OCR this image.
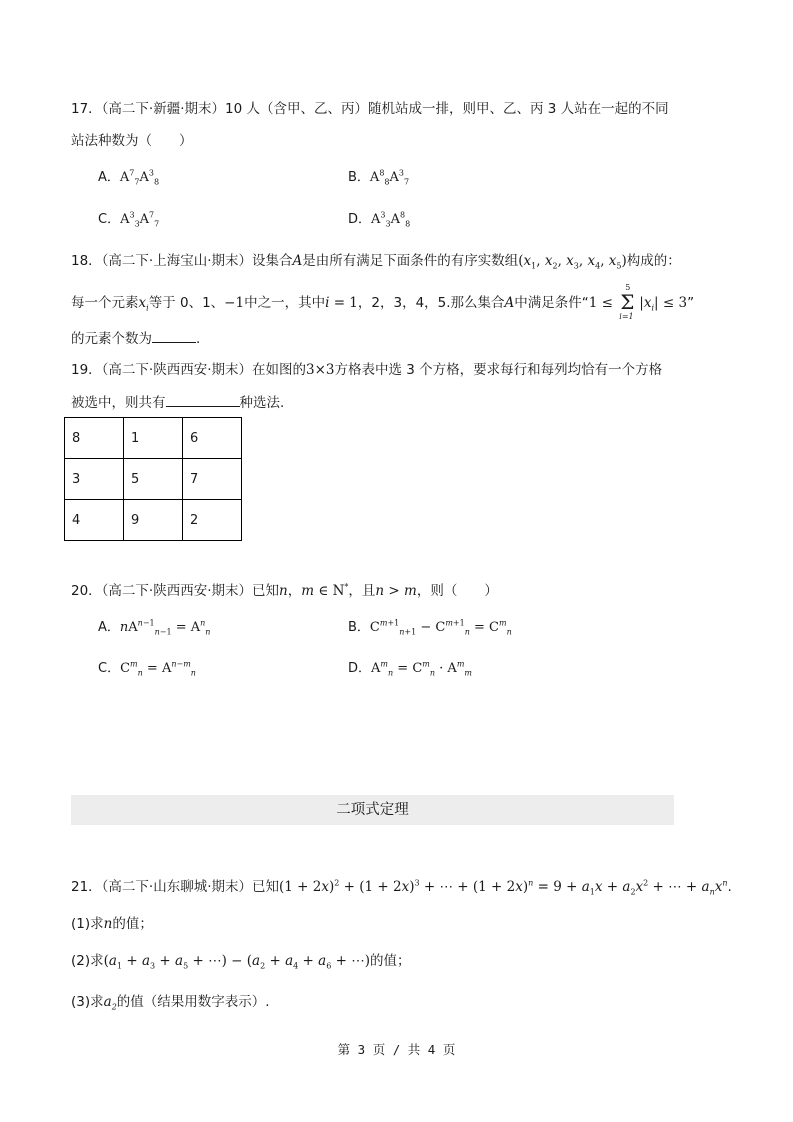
17．（高二下·新疆·期末）10 人（含甲、乙、丙）随机站成一排，则甲、乙、丙 3 人站在一起的不同
站法种数为（　　）
A．$A^7_7A^3_8$	B．$A^8_8A^3_7$
C．$A^3_3A^7_7$	D．$A^3_3A^8_8$
18．（高二下·上海宝山·期末）设集合A是由所有满足下面条件的有序实数组($x_1$, $x_2$, $x_3$, $x_4$, $x_5$)构成的：
每一个元素$x_i$等于 0、1、−1中之一，其中i = 1，2，3，4，5.那么集合A中满足条件“1 ≤
5
Σ
i=1
$|x_i| \le 3$”
的元素个数为	.
19．（高二下·陕西西安·期末）在如图的3×3方格表中选 3 个方格，要求每行和每列均恰有一个方格
被选中，则共有	种选法.
8	1	6
3	5	7
4	9	2
20．（高二下·陕西西安·期末）已知n，m ∈ N*，且n > m，则（　　）
A．$nA^{n-1}_{n-1} = A^n_n$	B．$C^{m+1}_{n+1} - C^{m+1}_n = C^m_n$
C．$C^m_n = A^{n-m}_n$	D．$A^m_n = C^m_n \cdot A^m_m$
二项式定理
21．（高二下·山东聊城·期末）已知$(1 + 2x)^2 + (1 + 2x)^3$ + ⋯ + $(1 + 2x)^n = 9 + a_1x + a_2x^2$ + ⋯ + $a_nx^n$.
(1)求n的值；
(2)求($a_1 + a_3 + a_5$ + ⋯) − ($a_2 + a_4 + a_6$ + ⋯)的值；
(3)求$a_2$的值（结果用数字表示）.
第 3 页 / 共 4 页
